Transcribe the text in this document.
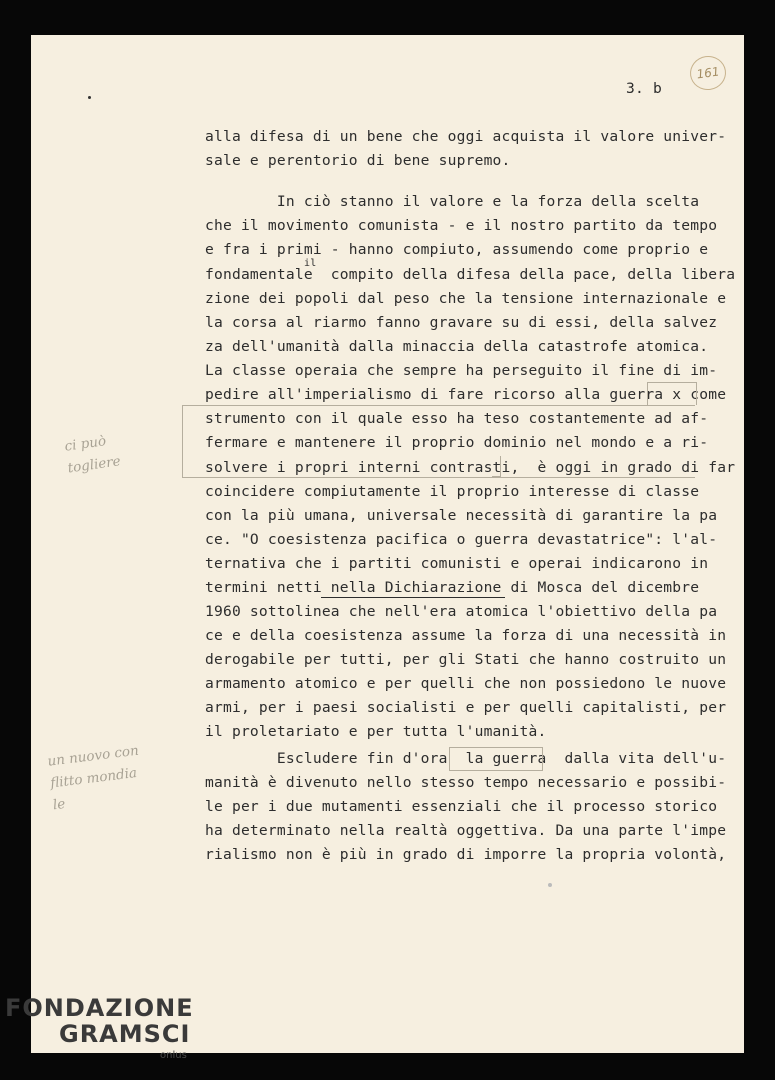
3. b
161
alla difesa di un bene che oggi acquista il valore univer-
sale e perentorio di bene supremo.
In ciò stanno il valore e la forza della scelta
che il movimento comunista - e il nostro partito da tempo
e fra i primi - hanno compiuto, assumendo come proprio e
fondamentale  compito della difesa della pace, della libera
zione dei popoli dal peso che la tensione internazionale e
la corsa al riarmo fanno gravare su di essi, della salvez
za dell'umanità dalla minaccia della catastrofe atomica.
La classe operaia che sempre ha perseguito il fine di im-
pedire all'imperialismo di fare ricorso alla guerra x come
strumento con il quale esso ha teso costantemente ad af-
fermare e mantenere il proprio dominio nel mondo e a ri-
solvere i propri interni contrasti,  è oggi in grado di far
coincidere compiutamente il proprio interesse di classe
con la più umana, universale necessità di garantire la pa
ce. "O coesistenza pacifica o guerra devastatrice": l'al-
ternativa che i partiti comunisti e operai indicarono in
termini netti nella Dichiarazione di Mosca del dicembre
1960 sottolinea che nell'era atomica l'obiettivo della pa
ce e della coesistenza assume la forza di una necessità in
derogabile per tutti, per gli Stati che hanno costruito un
armamento atomico e per quelli che non possiedono le nuove
armi, per i paesi socialisti e per quelli capitalisti, per
il proletariato e per tutta l'umanità.
Escludere fin d'ora  la guerra  dalla vita dell'u-
manità è divenuto nello stesso tempo necessario e possibi-
le per i due mutamenti essenziali che il processo storico
ha determinato nella realtà oggettiva. Da una parte l'impe
rialismo non è più in grado di imporre la propria volontà,
il
ci può
togliere
un nuovo con
flitto mondia
le
FONDAZIONE
GRAMSCI
onlus
